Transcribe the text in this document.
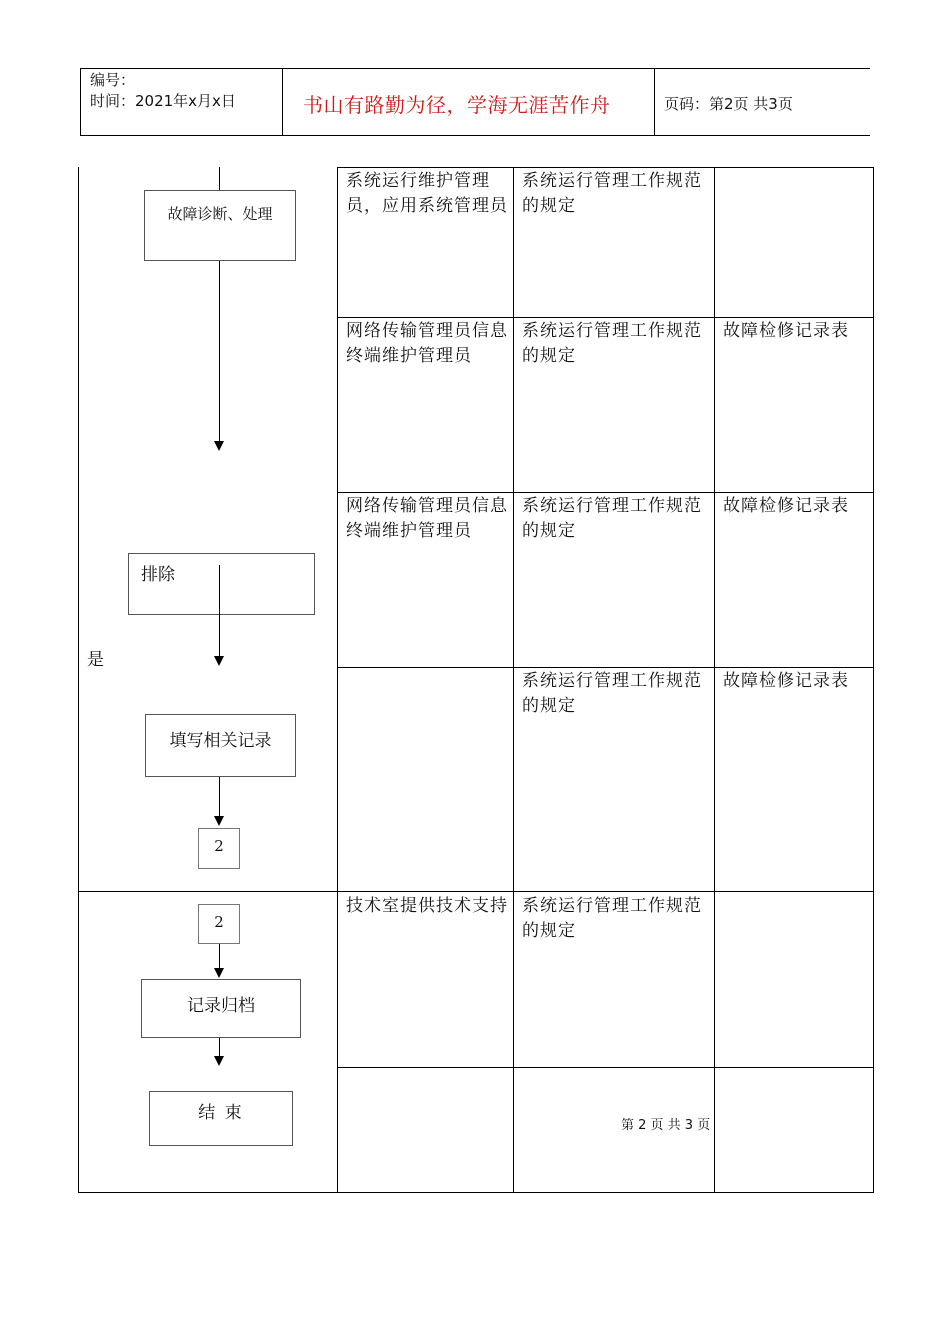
编号：
时间：2021年x月x日	书山有路勤为径，学海无涯苦作舟	页码：第2页 共3页
系统运行维护管理员，应用系统管理员
系统运行管理工作规范的规定
网络传输管理员信息终端维护管理员
系统运行管理工作规范的规定
故障检修记录表
网络传输管理员信息终端维护管理员
系统运行管理工作规范的规定
故障检修记录表
系统运行管理工作规范的规定
故障检修记录表
技术室提供技术支持 系统运行管理工作规范的规定
故障诊断、处理
排除
是
填写相关记录
2
2
记录归档
结 束
第 2 页 共 3 页
